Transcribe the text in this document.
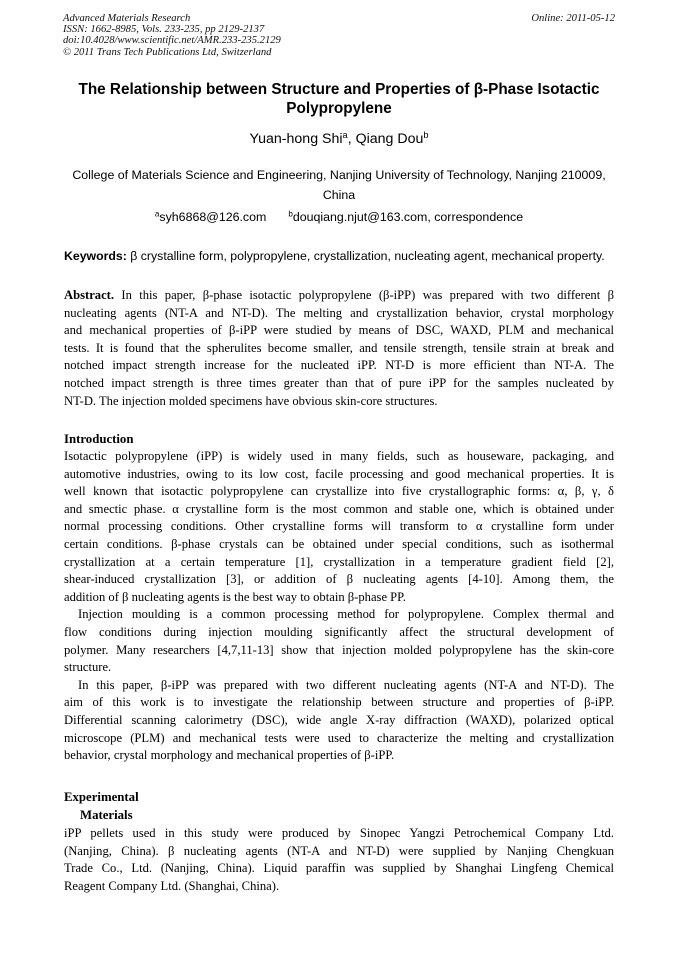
Advanced Materials Research
ISSN: 1662-8985, Vols. 233-235, pp 2129-2137
doi:10.4028/www.scientific.net/AMR.233-235.2129
© 2011 Trans Tech Publications Ltd, Switzerland
Online: 2011-05-12
The Relationship between Structure and Properties of β-Phase Isotactic
Polypropylene
Yuan-hong Shi$^a$, Qiang Dou$^b$
College of Materials Science and Engineering, Nanjing University of Technology, Nanjing 210009,
China
$^a$syh6868@126.com	$^b$douqiang.njut@163.com, correspondence
Keywords: β crystalline form, polypropylene, crystallization, nucleating agent, mechanical property.
Abstract. In this paper, β-phase isotactic polypropylene (β-iPP) was prepared with two different β
nucleating agents (NT-A and NT-D). The melting and crystallization behavior, crystal morphology
and mechanical properties of β-iPP were studied by means of DSC, WAXD, PLM and mechanical
tests. It is found that the spherulites become smaller, and tensile strength, tensile strain at break and
notched impact strength increase for the nucleated iPP. NT-D is more efficient than NT-A. The
notched impact strength is three times greater than that of pure iPP for the samples nucleated by
NT-D. The injection molded specimens have obvious skin-core structures.
Introduction
Isotactic polypropylene (iPP) is widely used in many fields, such as houseware, packaging, and
automotive industries, owing to its low cost, facile processing and good mechanical properties. It is
well known that isotactic polypropylene can crystallize into five crystallographic forms: α, β, γ, δ
and smectic phase. α crystalline form is the most common and stable one, which is obtained under
normal processing conditions. Other crystalline forms will transform to α crystalline form under
certain conditions. β-phase crystals can be obtained under special conditions, such as isothermal
crystallization at a certain temperature [1], crystallization in a temperature gradient field [2],
shear-induced crystallization [3], or addition of β nucleating agents [4-10]. Among them, the
addition of β nucleating agents is the best way to obtain β-phase PP.
Injection moulding is a common processing method for polypropylene. Complex thermal and
flow conditions during injection moulding significantly affect the structural development of
polymer. Many researchers [4,7,11-13] show that injection molded polypropylene has the skin-core
structure.
In this paper, β-iPP was prepared with two different nucleating agents (NT-A and NT-D). The
aim of this work is to investigate the relationship between structure and properties of β-iPP.
Differential scanning calorimetry (DSC), wide angle X-ray diffraction (WAXD), polarized optical
microscope (PLM) and mechanical tests were used to characterize the melting and crystallization
behavior, crystal morphology and mechanical properties of β-iPP.
Experimental
Materials
iPP pellets used in this study were produced by Sinopec Yangzi Petrochemical Company Ltd.
(Nanjing, China). β nucleating agents (NT-A and NT-D) were supplied by Nanjing Chengkuan
Trade Co., Ltd. (Nanjing, China). Liquid paraffin was supplied by Shanghai Lingfeng Chemical
Reagent Company Ltd. (Shanghai, China).
